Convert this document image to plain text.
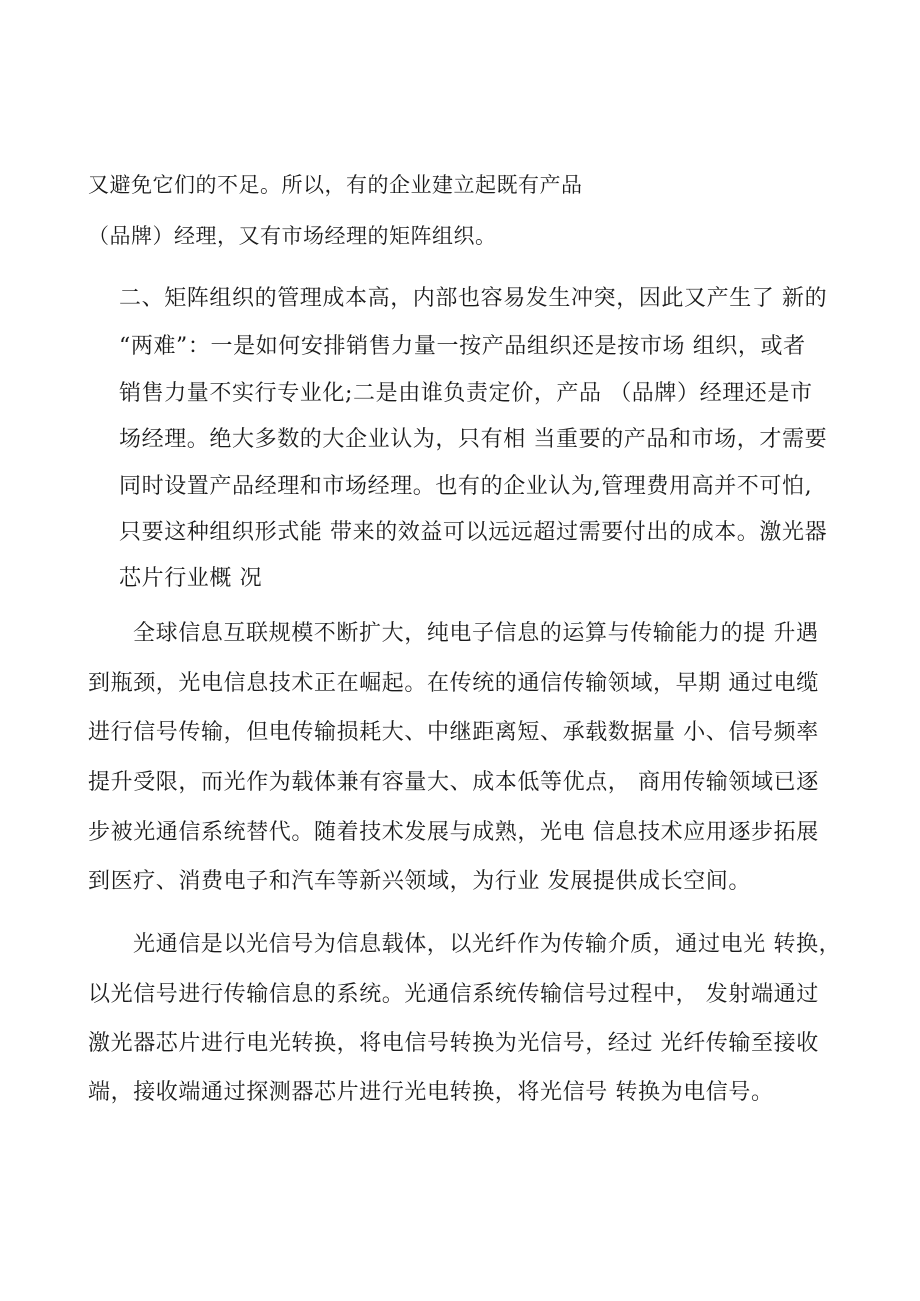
又避免它们的不足。所以，有的企业建立起既有产品
（品牌）经理，又有市场经理的矩阵组织。
二、矩阵组织的管理成本高，内部也容易发生冲突，因此又产生了 新的
“两难”：一是如何安排销售力量一按产品组织还是按市场 组织，或者
销售力量不实行专业化;二是由谁负责定价，产品 （品牌）经理还是市
场经理。绝大多数的大企业认为，只有相 当重要的产品和市场，才需要
同时设置产品经理和市场经理。也有的企业认为,管理费用高并不可怕,
只要这种组织形式能 带来的效益可以远远超过需要付出的成本。激光器
芯片行业概 况
全球信息互联规模不断扩大，纯电子信息的运算与传输能力的提 升遇
到瓶颈，光电信息技术正在崛起。在传统的通信传输领域，早期 通过电缆
进行信号传输，但电传输损耗大、中继距离短、承载数据量 小、信号频率
提升受限，而光作为载体兼有容量大、成本低等优点， 商用传输领域已逐
步被光通信系统替代。随着技术发展与成熟，光电 信息技术应用逐步拓展
到医疗、消费电子和汽车等新兴领域，为行业 发展提供成长空间。
光通信是以光信号为信息载体，以光纤作为传输介质，通过电光 转换，
以光信号进行传输信息的系统。光通信系统传输信号过程中， 发射端通过
激光器芯片进行电光转换，将电信号转换为光信号，经过 光纤传输至接收
端，接收端通过探测器芯片进行光电转换，将光信号 转换为电信号。
